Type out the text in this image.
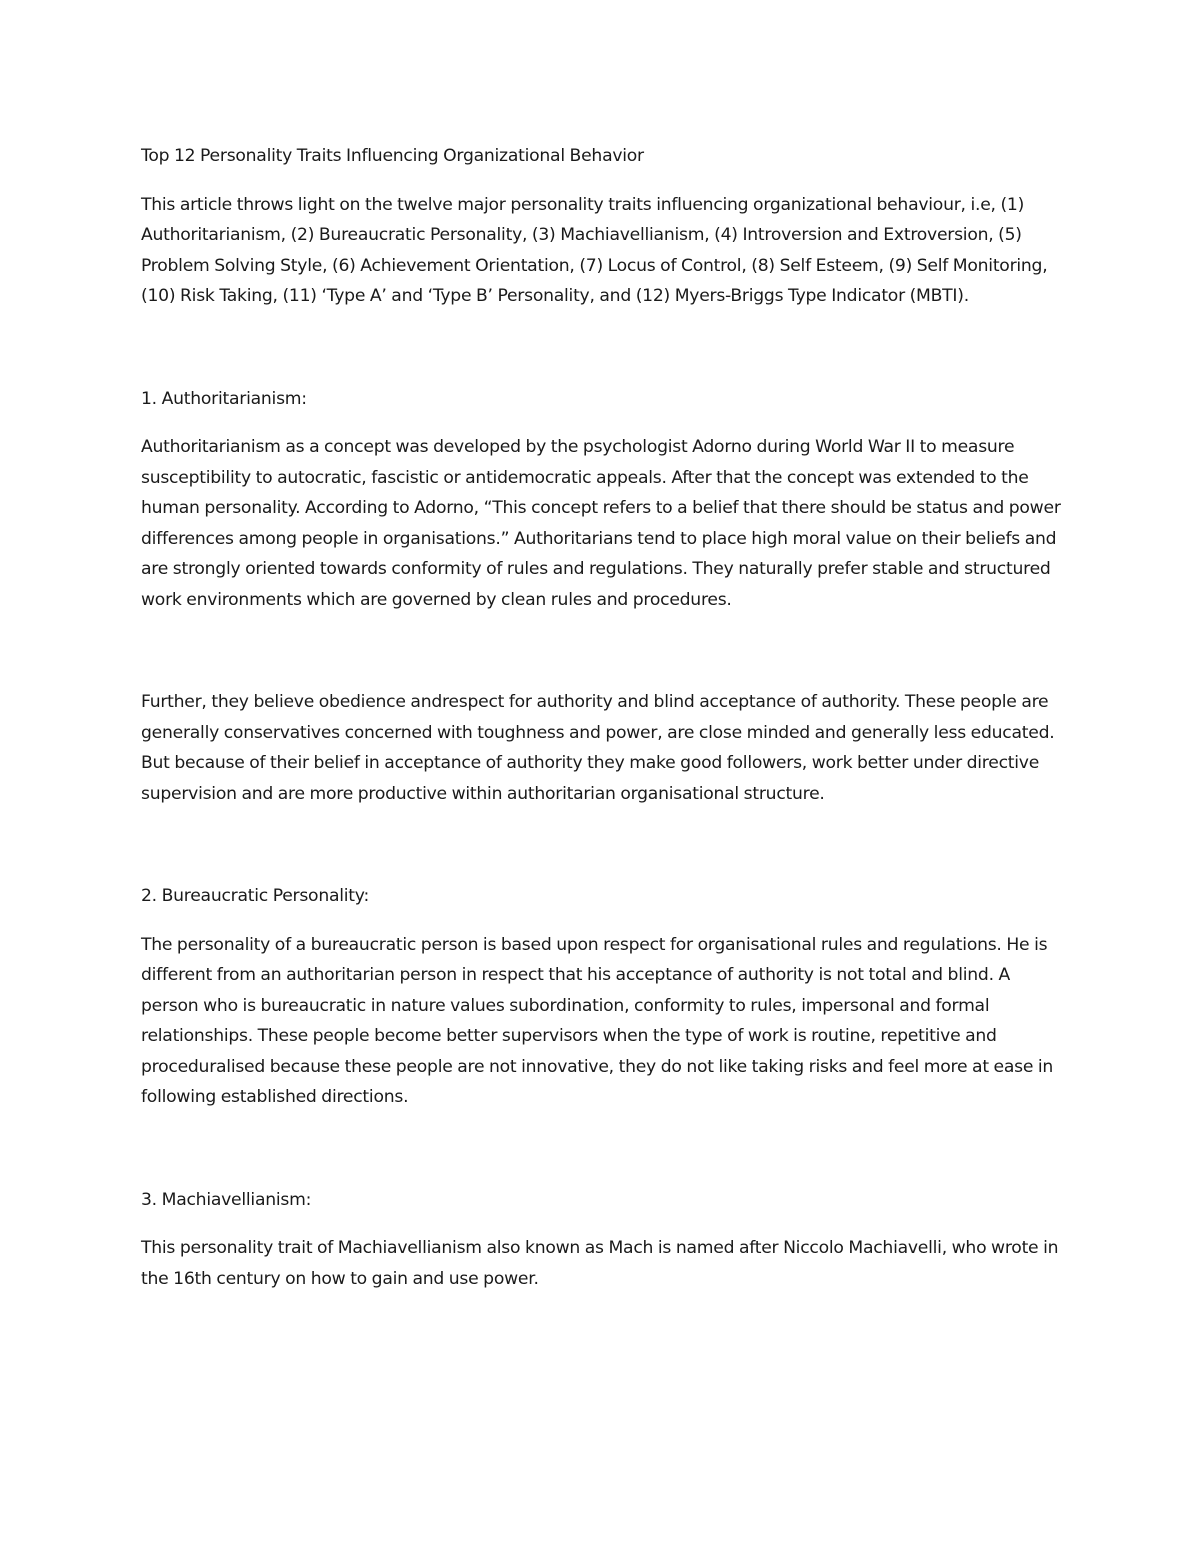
Top 12 Personality Traits Influencing Organizational Behavior

This article throws light on the twelve major personality traits influencing organizational behaviour, i.e, (1) Authoritarianism, (2) Bureaucratic Personality, (3) Machiavellianism, (4) Introversion and Extroversion, (5) Problem Solving Style, (6) Achievement Orientation, (7) Locus of Control, (8) Self Esteem, (9) Self Monitoring, (10) Risk Taking, (11) ‘Type A’ and ‘Type B’ Personality, and (12) Myers-Briggs Type Indicator (MBTI).

1. Authoritarianism:

Authoritarianism as a concept was developed by the psychologist Adorno during World War II to measure susceptibility to autocratic, fascistic or antidemocratic appeals. After that the concept was extended to the human personality. According to Adorno, “This concept refers to a belief that there should be status and power differences among people in organisations.” Authoritarians tend to place high moral value on their beliefs and are strongly oriented towards conformity of rules and regulations. They naturally prefer stable and structured work environments which are governed by clean rules and procedures.

Further, they believe obedience andrespect for authority and blind acceptance of authority. These people are generally conservatives concerned with toughness and power, are close minded and generally less educated. But because of their belief in acceptance of authority they make good followers, work better under directive supervision and are more productive within authoritarian organisational structure.

2. Bureaucratic Personality:

The personality of a bureaucratic person is based upon respect for organisational rules and regulations. He is different from an authoritarian person in respect that his acceptance of authority is not total and blind. A person who is bureaucratic in nature values subordination, conformity to rules, impersonal and formal relationships. These people become better supervisors when the type of work is routine, repetitive and proceduralised because these people are not innovative, they do not like taking risks and feel more at ease in following established directions.

3. Machiavellianism:

This personality trait of Machiavellianism also known as Mach is named after Niccolo Machiavelli, who wrote in the 16th century on how to gain and use power.
